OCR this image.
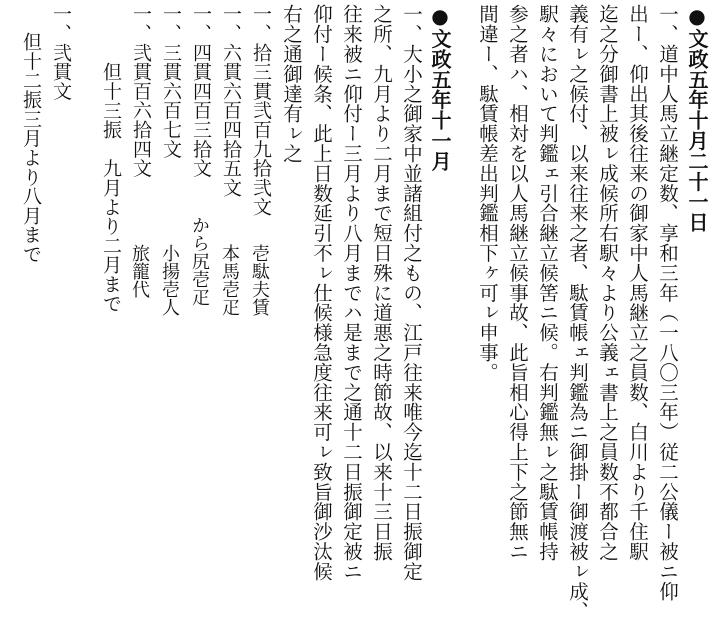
●文政五年十月二十一日
一、道中人馬立継定数、享和三年（一八〇三年）従二公儀ー被ニ仰
出ー、仰出其後往来の御家中人馬継立之員数、白川より千住駅
迄之分御書上被ㇾ成候所右駅々より公義ェ書上之員数不都合之
義有ㇾ之候付、以来往来之者、駄賃帳ェ判鑑為ニ御掛ー御渡被ㇾ成、
駅々において判鑑ェ引合継立候筈ニ候。右判鑑無ㇾ之駄賃帳持
参之者ハ、相対を以人馬継立候事故、此旨相心得上下之節無ニ
間違ー、駄賃帳差出判鑑相下ヶ可ㇾ申事。
●文政五年十一月
一、大小之御家中並諸組付之もの、江戸往来唯今迄十二日振御定
之所、九月より二月まで短日殊に道悪之時節故、以来十三日振
往来被ニ仰付ー三月より八月までハ是まで之通十二日振御定被ニ
仰付ー候条、此上日数延引不ㇾ仕候様急度往来可ㇾ致旨御沙汰候
右之通御達有ㇾ之
一、拾三貫弐百九拾弐文
壱駄夫賃
一、六貫六百四拾五文
本馬壱疋
一、四貫四百三拾文
から尻壱疋
一、三貫六百七文
小揚壱人
一、弐貫百六拾四文
旅籠代
但十三振　九月より二月まで
一、弐貫文
但十二振三月より八月まで
